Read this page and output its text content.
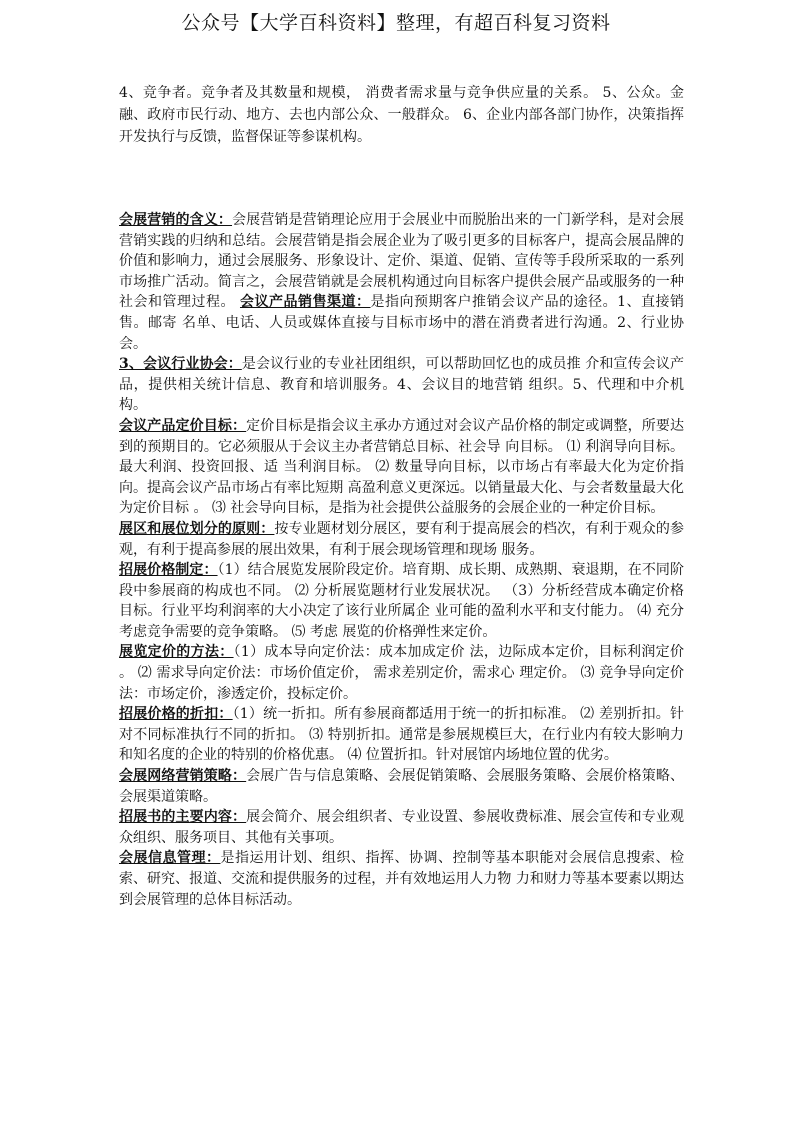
公众号【大学百科资料】整理，有超百科复习资料
4、竞争者。竞争者及其数量和规模， 消费者需求量与竞争供应量的关系。 5、公众。金融、政府市民行动、地方、去也内部公众、一般群众。 6、企业内部各部门协作，决策指挥开发执行与反馈，监督保证等参谋机构。

会展营销的含义：会展营销是营销理论应用于会展业中而脱胎出来的一门新学科，是对会展营销实践的归纳和总结。会展营销是指会展企业为了吸引更多的目标客户，提高会展品牌的价值和影响力，通过会展服务、形象设计、定价、渠道、促销、宣传等手段所采取的一系列市场推广活动。简言之，会展营销就是会展机构通过向目标客户提供会展产品或服务的一种社会和管理过程。 会议产品销售渠道：是指向预期客户推销会议产品的途径。1、直接销售。邮寄 名单、电话、人员或媒体直接与目标市场中的潜在消费者进行沟通。2、行业协 会。

3、会议行业协会：是会议行业的专业社团组织，可以帮助回忆也的成员推 介和宣传会议产品，提供相关统计信息、教育和培训服务。4、会议目的地营销 组织。5、代理和中介机构。

会议产品定价目标：定价目标是指会议主承办方通过对会议产品价格的制定或调整，所要达到的预期目的。它必须服从于会议主办者营销总目标、社会导 向目标。 ⑴ 利润导向目标。最大利润、投资回报、适 当利润目标。 ⑵ 数量导向目标，以市场占有率最大化为定价指向。提高会议产品市场占有率比短期 高盈利意义更深远。以销量最大化、与会者数量最大化为定价目标 。 ⑶ 社会导向目标，是指为社会提供公益服务的会展企业的一种定价目标。

展区和展位划分的原则：按专业题材划分展区，要有利于提高展会的档次，有利于观众的参观，有利于提高参展的展出效果，有利于展会现场管理和现场 服务。

招展价格制定：（1）结合展览发展阶段定价。培育期、成长期、成熟期、衰退期，在不同阶段中参展商的构成也不同。 ⑵ 分析展览题材行业发展状况。 （3）分析经营成本确定价格目标。行业平均利润率的大小决定了该行业所属企 业可能的盈利水平和支付能力。 ⑷ 充分考虑竞争需要的竞争策略。 ⑸ 考虑 展览的价格弹性来定价。

展览定价的方法：（1）成本导向定价法：成本加成定价 法，边际成本定价，目标利润定价 。 ⑵ 需求导向定价法：市场价值定价， 需求差别定价，需求心 理定价。 ⑶ 竞争导向定价法：市场定价，渗透定价，投标定价。

招展价格的折扣：（1）统一折扣。所有参展商都适用于统一的折扣标准。 ⑵ 差别折扣。针对不同标准执行不同的折扣。 ⑶ 特别折扣。通常是参展规模巨大，在行业内有较大影响力和知名度的企业的特别的价格优惠。 ⑷ 位置折扣。针对展馆内场地位置的优劣。

会展网络营销策略：会展广告与信息策略、会展促销策略、会展服务策略、会展价格策略、会展渠道策略。

招展书的主要内容：展会简介、展会组织者、专业设置、参展收费标准、展会宣传和专业观众组织、服务项目、其他有关事项。

会展信息管理：是指运用计划、组织、指挥、协调、控制等基本职能对会展信息搜索、检索、研究、报道、交流和提供服务的过程，并有效地运用人力物 力和财力等基本要素以期达到会展管理的总体目标活动。
